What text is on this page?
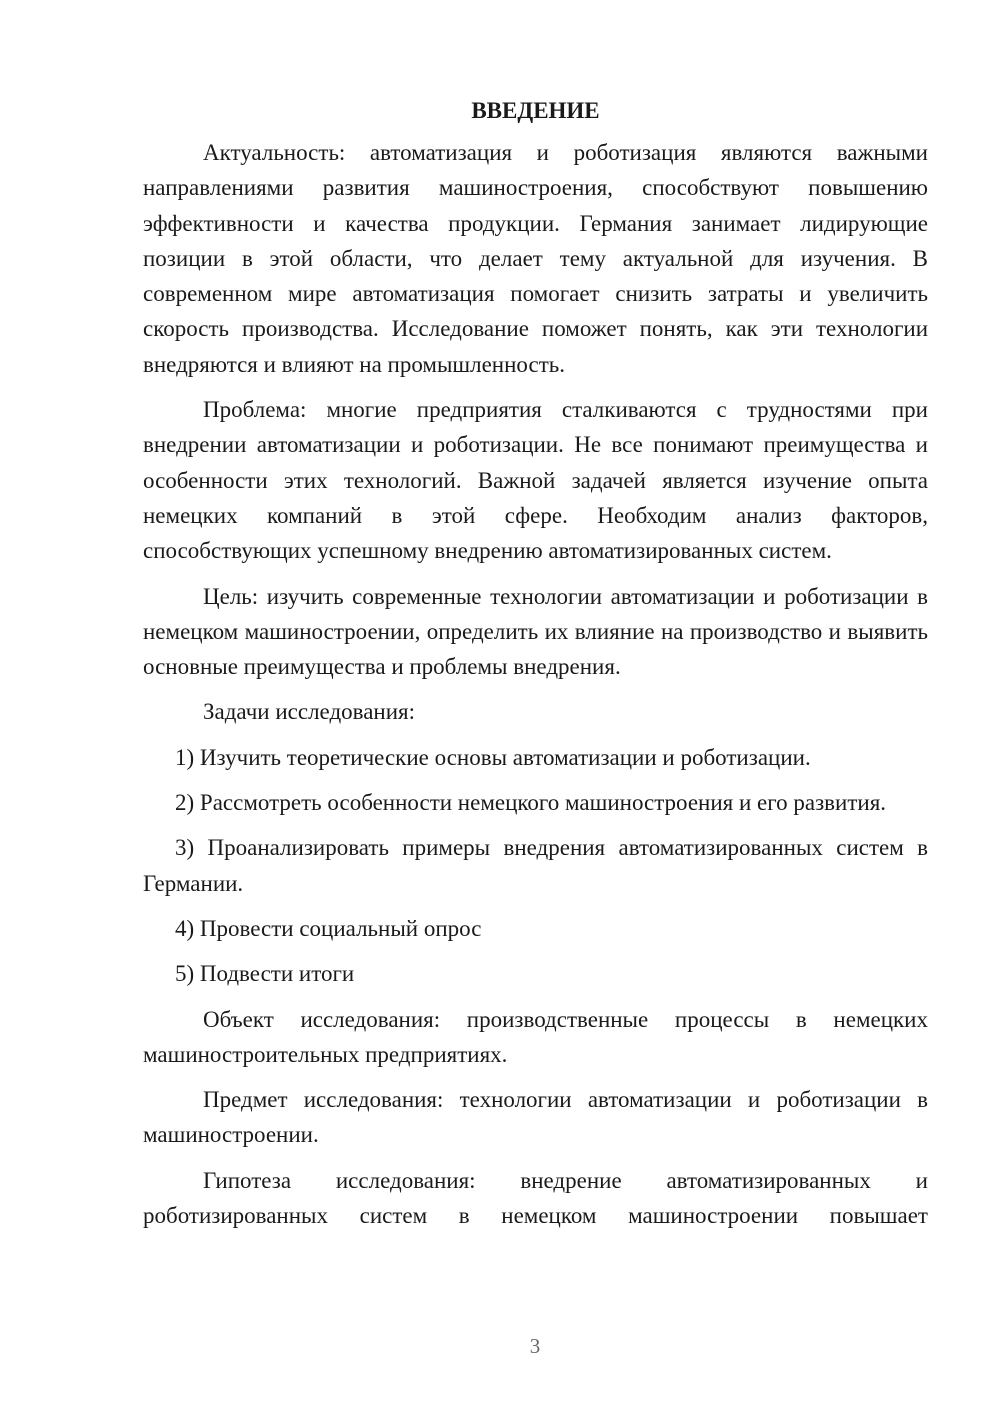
ВВЕДЕНИЕ
Актуальность: автоматизация и роботизация являются важными направлениями развития машиностроения, способствуют повышению эффективности и качества продукции. Германия занимает лидирующие позиции в этой области, что делает тему актуальной для изучения. В современном мире автоматизация помогает снизить затраты и увеличить скорость производства. Исследование поможет понять, как эти технологии внедряются и влияют на промышленность.
Проблема: многие предприятия сталкиваются с трудностями при внедрении автоматизации и роботизации. Не все понимают преимущества и особенности этих технологий. Важной задачей является изучение опыта немецких компаний в этой сфере. Необходим анализ факторов, способствующих успешному внедрению автоматизированных систем.
Цель: изучить современные технологии автоматизации и роботизации в немецком машиностроении, определить их влияние на производство и выявить основные преимущества и проблемы внедрения.
Задачи исследования:
1) Изучить теоретические основы автоматизации и роботизации.
2) Рассмотреть особенности немецкого машиностроения и его развития.
3) Проанализировать примеры внедрения автоматизированных систем в Германии.
4) Провести социальный опрос
5) Подвести итоги
Объект исследования: производственные процессы в немецких машиностроительных предприятиях.
Предмет исследования: технологии автоматизации и роботизации в машиностроении.
Гипотеза исследования: внедрение автоматизированных и роботизированных систем в немецком машиностроении повышает
3
